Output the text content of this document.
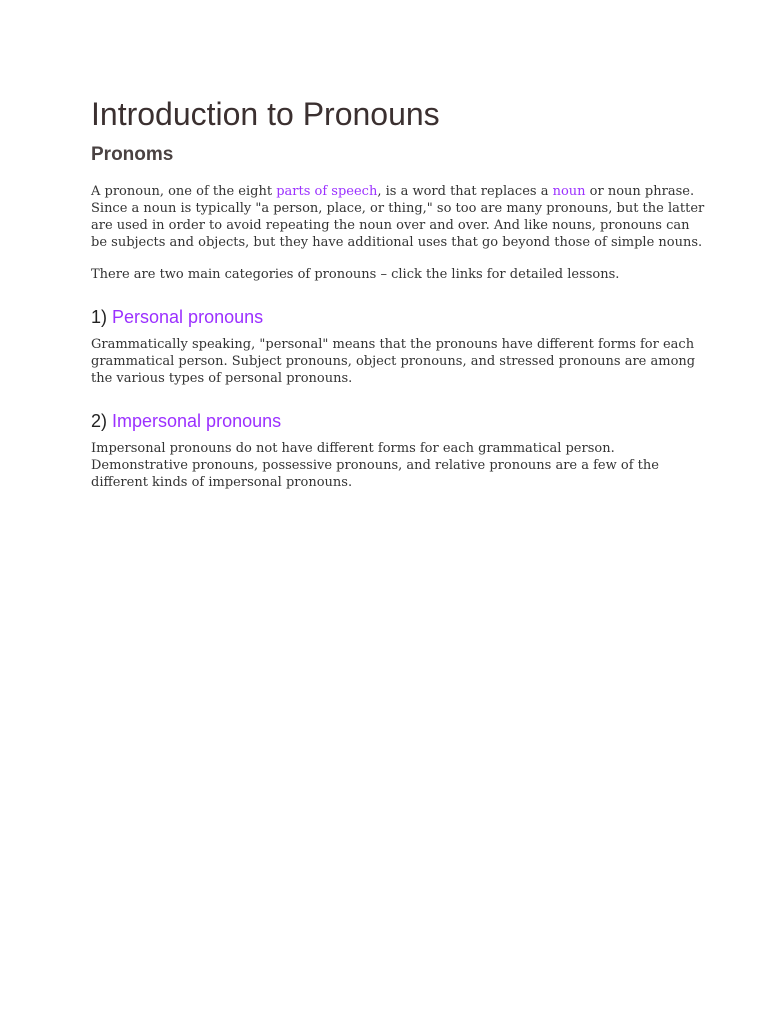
Introduction to Pronouns
Pronoms

A pronoun, one of the eight parts of speech, is a word that replaces a noun or noun phrase.
Since a noun is typically "a person, place, or thing," so too are many pronouns, but the latter
are used in order to avoid repeating the noun over and over. And like nouns, pronouns can
be subjects and objects, but they have additional uses that go beyond those of simple nouns.

There are two main categories of pronouns – click the links for detailed lessons.

1) Personal pronouns

Grammatically speaking, "personal" means that the pronouns have different forms for each
grammatical person. Subject pronouns, object pronouns, and stressed pronouns are among
the various types of personal pronouns.

2) Impersonal pronouns

Impersonal pronouns do not have different forms for each grammatical person.
Demonstrative pronouns, possessive pronouns, and relative pronouns are a few of the
different kinds of impersonal pronouns.
